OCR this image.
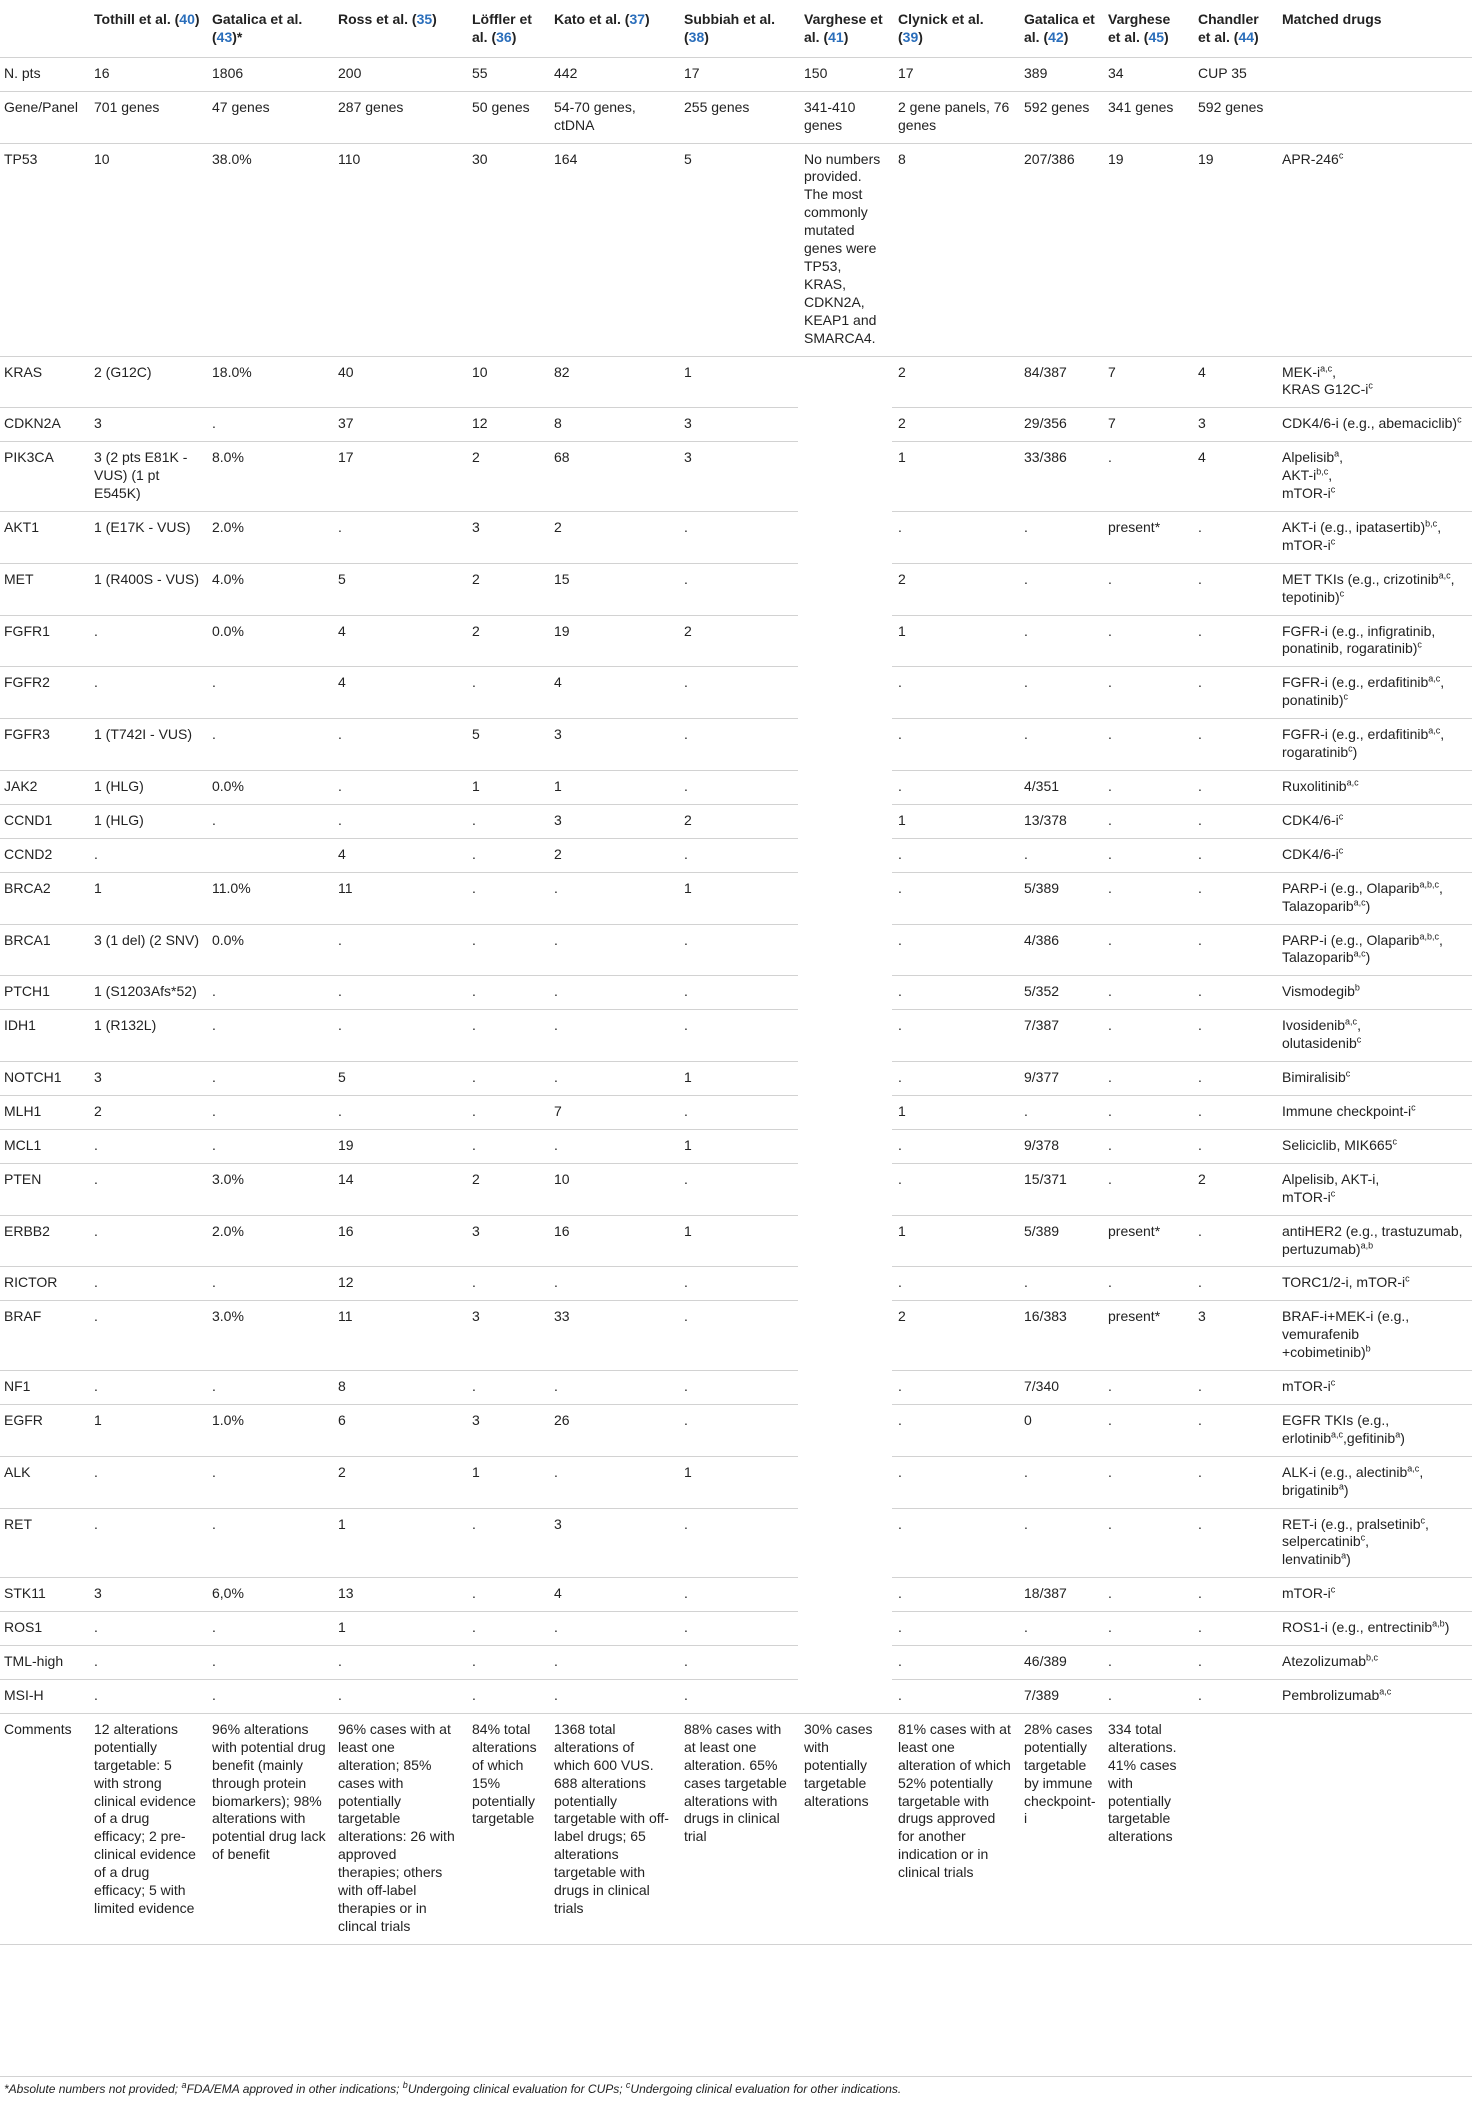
	Tothill et al. (40)	Gatalica et al. (43)*	Ross et al. (35)	Löffler et al. (36)	Kato et al. (37)	Subbiah et al. (38)	Varghese et al. (41)	Clynick et al. (39)	Gatalica et al. (42)	Varghese et al. (45)	Chandler et al. (44)	Matched drugs
N. pts	16	1806	200	55	442	17	150	17	389	34	CUP 35	
Gene/Panel	701 genes	47 genes	287 genes	50 genes	54-70 genes, ctDNA	255 genes	341-410 genes	2 gene panels, 76 genes	592 genes	341 genes	592 genes	
TP53	10	38.0%	110	30	164	5	No numbers provided. The most commonly mutated genes were TP53, KRAS, CDKN2A, KEAP1 and SMARCA4.	8	207/386	19	19	APR-246$^c$
KRAS	2 (G12C)	18.0%	40	10	82	1		2	84/387	7	4	MEK-$i^{a,c}$,
KRAS $G12C-i^c$
CDKN2A	3	.	37	12	8	3		2	29/356	7	3	CDK4/6-i (e.g., abemaciclib)$^c$
PIK3CA	3 (2 pts E81K - VUS) (1 pt E545K)	8.0%	17	2	68	3		1	33/386	.	4	Alpelisib$^a$,
AKT-$i^{b,c}$,
mTOR-$i^c$
AKT1	1 (E17K - VUS)	2.0%	.	3	2	.		.	.	present*	.	AKT-i (e.g., ipatasertib)$^{b,c}$,
mTOR-$i^c$
MET	1 (R400S - VUS)	4.0%	5	2	15	.		2	.	.	.	MET TKIs (e.g., crizotinib$^{a,c}$, tepotinib)$^c$
FGFR1	.	0.0%	4	2	19	2		1	.	.	.	FGFR-i (e.g., infigratinib, ponatinib, rogaratinib)$^c$
FGFR2	.	.	4	.	4	.		.	.	.	.	FGFR-i (e.g., erdafitinib$^{a,c}$,
ponatinib)$^c$
FGFR3	1 (T742I - VUS)	.	.	5	3	.		.	.	.	.	FGFR-i (e.g., erdafitinib$^{a,c}$,
rogaratinib$^c$)
JAK2	1 (HLG)	0.0%	.	1	1	.		.	4/351	.	.	Ruxolitinib$^{a,c}$
CCND1	1 (HLG)	.	.	.	3	2		1	13/378	.	.	$CDK4/6-i^c$
CCND2	.		4	.	2	.		.	.	.	.	$CDK4/6-i^c$
BRCA2	1	11.0%	11	.	.	1		.	5/389	.	.	PARP-i (e.g., Olaparib$^{a,b,c}$,
Talazoparib$^{a,c}$)
BRCA1	3 (1 del) (2 SNV)	0.0%	.	.	.	.		.	4/386	.	.	PARP-i (e.g., Olaparib$^{a,b,c}$,
Talazoparib$^{a,c}$)
PTCH1	1 (S1203Afs*52)	.	.	.	.	.		.	5/352	.	.	Vismodegib$^b$
IDH1	1 (R132L)	.	.	.	.	.		.	7/387	.	.	Ivosidenib$^{a,c}$,
olutasidenib$^c$
NOTCH1	3	.	5	.	.	1		.	9/377	.	.	Bimiralisib$^c$
MLH1	2	.	.	.	7	.		1	.	.	.	Immune checkpoint-$i^c$
MCL1	.	.	19	.	.	1		.	9/378	.	.	Seliciclib, MIK665$^c$
PTEN	.	3.0%	14	2	10	.		.	15/371	.	2	Alpelisib, AKT-i,
mTOR-$i^c$
ERBB2	.	2.0%	16	3	16	1		1	5/389	present*	.	antiHER2 (e.g., trastuzumab, pertuzumab)$^{a,b}$
RICTOR	.	.	12	.	.	.		.	.	.	.	TORC1/2-i, mTOR-$i^c$
BRAF	.	3.0%	11	3	33	.		2	16/383	present*	3	BRAF-i+MEK-i (e.g., vemurafenib
+cobimetinib)$^b$
NF1	.	.	8	.	.	.		.	7/340	.	.	mTOR-$i^c$
EGFR	1	1.0%	6	3	26	.		.	0	.	.	EGFR TKIs (e.g., erlotinib$^{a,c}$,gefitinib$^a$)
ALK	.	.	2	1	.	1		.	.	.	.	ALK-i (e.g., alectinib$^{a,c}$,
brigatinib$^a$)
RET	.	.	1	.	3	.		.	.	.	.	RET-i (e.g., pralsetinib$^c$,
selpercatinib$^c$,
lenvatinib$^a$)
STK11	3	6,0%	13	.	4	.		.	18/387	.	.	mTOR-$i^c$
ROS1	.	.	1	.	.	.		.	.	.	.	ROS1-i (e.g., entrectinib$^{a,b}$)
TML-high	.	.	.	.	.	.		.	46/389	.	.	Atezolizumab$^{b,c}$
MSI-H	.	.	.	.	.	.		.	7/389	.	.	Pembrolizumab$^{a,c}$
Comments	12 alterations potentially targetable: 5 with strong clinical evidence of a drug efficacy; 2 pre-clinical evidence of a drug efficacy; 5 with limited evidence	96% alterations with potential drug benefit (mainly through protein biomarkers); 98% alterations with potential drug lack of benefit	96% cases with at least one alteration; 85% cases with potentially targetable alterations: 26 with approved therapies; others with off-label therapies or in clincal trials	84% total alterations of which 15% potentially targetable	1368 total alterations of which 600 VUS. 688 alterations potentially targetable with off-label drugs; 65 alterations targetable with drugs in clinical trials	88% cases with at least one alteration. 65% cases targetable alterations with drugs in clinical trial	30% cases with potentially targetable alterations	81% cases with at least one alteration of which 52% potentially targetable with drugs approved for another indication or in clinical trials	28% cases potentially targetable by immune checkpoint-i	334 total alterations. 41% cases with potentially targetable alterations		
*Absolute numbers not provided; $^a$FDA/EMA approved in other indications; $^b$Undergoing clinical evaluation for CUPs; $^c$Undergoing clinical evaluation for other indications.
